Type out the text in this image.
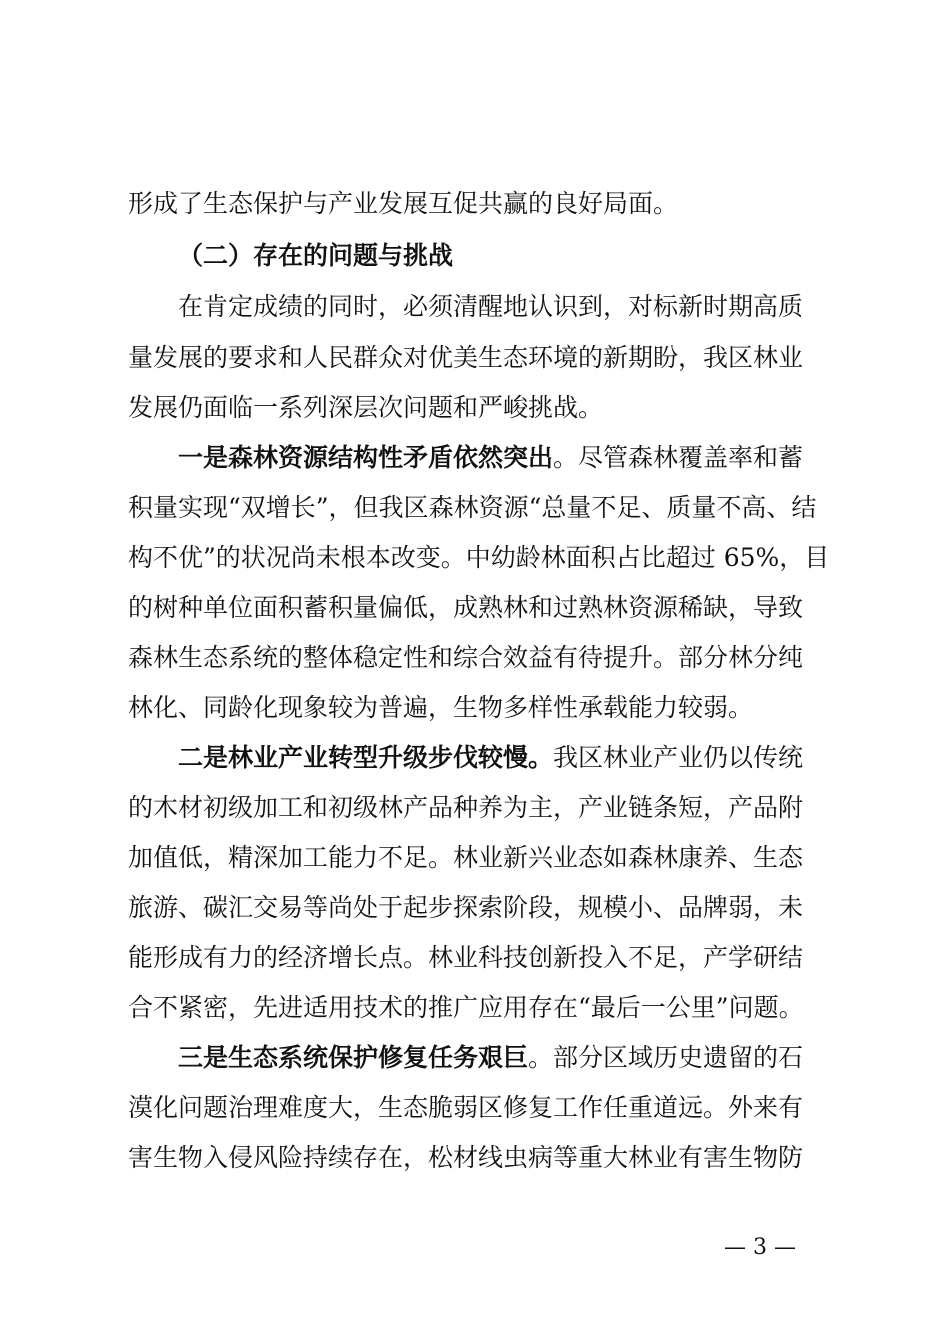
形成了生态保护与产业发展互促共赢的良好局面。
（二）存在的问题与挑战
在肯定成绩的同时，必须清醒地认识到，对标新时期高质
量发展的要求和人民群众对优美生态环境的新期盼，我区林业
发展仍面临一系列深层次问题和严峻挑战。
一是森林资源结构性矛盾依然突出。尽管森林覆盖率和蓄
积量实现“双增长”，但我区森林资源“总量不足、质量不高、结
构不优”的状况尚未根本改变。中幼龄林面积占比超过 65%，目
的树种单位面积蓄积量偏低，成熟林和过熟林资源稀缺，导致
森林生态系统的整体稳定性和综合效益有待提升。部分林分纯
林化、同龄化现象较为普遍，生物多样性承载能力较弱。
二是林业产业转型升级步伐较慢。我区林业产业仍以传统
的木材初级加工和初级林产品种养为主，产业链条短，产品附
加值低，精深加工能力不足。林业新兴业态如森林康养、生态
旅游、碳汇交易等尚处于起步探索阶段，规模小、品牌弱，未
能形成有力的经济增长点。林业科技创新投入不足，产学研结
合不紧密，先进适用技术的推广应用存在“最后一公里”问题。
三是生态系统保护修复任务艰巨。部分区域历史遗留的石
漠化问题治理难度大，生态脆弱区修复工作任重道远。外来有
害生物入侵风险持续存在，松材线虫病等重大林业有害生物防
— 3 —
